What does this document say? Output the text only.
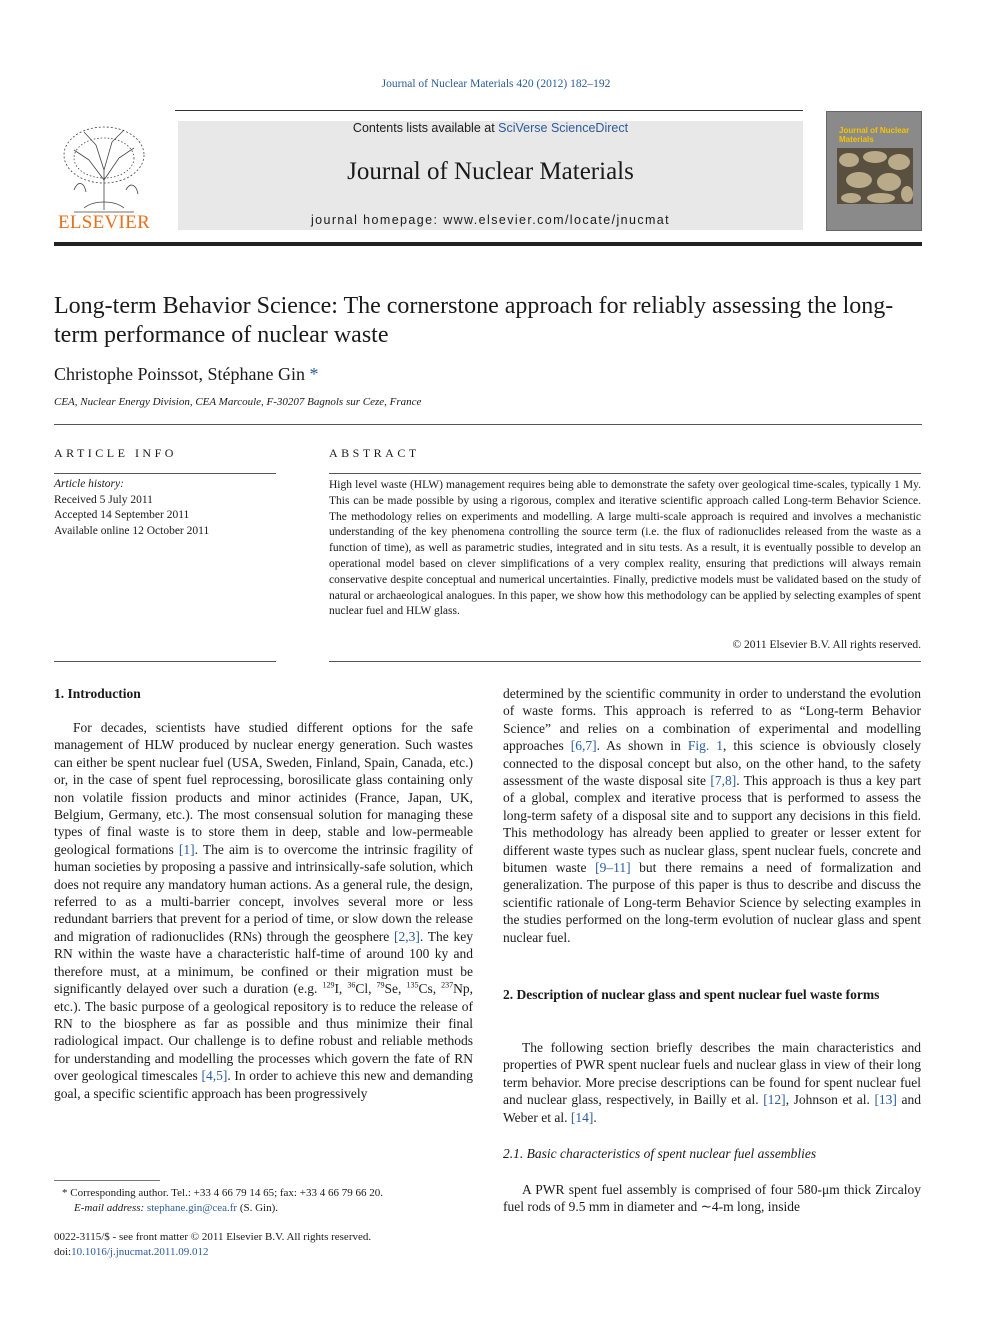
Journal of Nuclear Materials 420 (2012) 182–192
ELSEVIER
Contents lists available at SciVerse ScienceDirect
Journal of Nuclear Materials
journal homepage: www.elsevier.com/locate/jnucmat
Journal of Nuclear Materials
Long-term Behavior Science: The cornerstone approach for reliably assessing the long-term performance of nuclear waste
Christophe Poinssot, Stéphane Gin *
CEA, Nuclear Energy Division, CEA Marcoule, F-30207 Bagnols sur Ceze, France
ARTICLE INFO
Article history:
Received 5 July 2011
Accepted 14 September 2011
Available online 12 October 2011
ABSTRACT
High level waste (HLW) management requires being able to demonstrate the safety over geological time-scales, typically 1 My. This can be made possible by using a rigorous, complex and iterative scientific approach called Long-term Behavior Science. The methodology relies on experiments and modelling. A large multi-scale approach is required and involves a mechanistic understanding of the key phenomena controlling the source term (i.e. the flux of radionuclides released from the waste as a function of time), as well as parametric studies, integrated and in situ tests. As a result, it is eventually possible to develop an operational model based on clever simplifications of a very complex reality, ensuring that predictions will always remain conservative despite conceptual and numerical uncertainties. Finally, predictive models must be validated based on the study of natural or archaeological analogues. In this paper, we show how this methodology can be applied by selecting examples of spent nuclear fuel and HLW glass.
© 2011 Elsevier B.V. All rights reserved.
1. Introduction

For decades, scientists have studied different options for the safe management of HLW produced by nuclear energy generation. Such wastes can either be spent nuclear fuel (USA, Sweden, Finland, Spain, Canada, etc.) or, in the case of spent fuel reprocessing, borosilicate glass containing only non volatile fission products and minor actinides (France, Japan, UK, Belgium, Germany, etc.). The most consensual solution for managing these types of final waste is to store them in deep, stable and low-permeable geological formations [1]. The aim is to overcome the intrinsic fragility of human societies by proposing a passive and intrinsically-safe solution, which does not require any mandatory human actions. As a general rule, the design, referred to as a multi-barrier concept, involves several more or less redundant barriers that prevent for a period of time, or slow down the release and migration of radionuclides (RNs) through the geosphere [2,3]. The key RN within the waste have a characteristic half-time of around 100 ky and therefore must, at a minimum, be confined or their migration must be significantly delayed over such a duration (e.g. $^{129}$I, $^{36}$Cl, $^{79}$Se, $^{135}$Cs, $^{237}$Np, etc.). The basic purpose of a geological repository is to reduce the release of RN to the biosphere as far as possible and thus minimize their final radiological impact. Our challenge is to define robust and reliable methods for understanding and modelling the processes which govern the fate of RN over geological timescales [4,5]. In order to achieve this new and demanding goal, a specific scientific approach has been progressively

determined by the scientific community in order to understand the evolution of waste forms. This approach is referred to as “Long-term Behavior Science” and relies on a combination of experimental and modelling approaches [6,7]. As shown in Fig. 1, this science is obviously closely connected to the disposal concept but also, on the other hand, to the safety assessment of the waste disposal site [7,8]. This approach is thus a key part of a global, complex and iterative process that is performed to assess the long-term safety of a disposal site and to support any decisions in this field. This methodology has already been applied to greater or lesser extent for different waste types such as nuclear glass, spent nuclear fuels, concrete and bitumen waste [9–11] but there remains a need of formalization and generalization. The purpose of this paper is thus to describe and discuss the scientific rationale of Long-term Behavior Science by selecting examples in the studies performed on the long-term evolution of nuclear glass and spent nuclear fuel.

2. Description of nuclear glass and spent nuclear fuel waste forms

The following section briefly describes the main characteristics and properties of PWR spent nuclear fuels and nuclear glass in view of their long term behavior. More precise descriptions can be found for spent nuclear fuel and nuclear glass, respectively, in Bailly et al. [12], Johnson et al. [13] and Weber et al. [14].

2.1. Basic characteristics of spent nuclear fuel assemblies

A PWR spent fuel assembly is comprised of four 580-μm thick Zircaloy fuel rods of 9.5 mm in diameter and ∼4-m long, inside

* Corresponding author. Tel.: +33 4 66 79 14 65; fax: +33 4 66 79 66 20.
E-mail address: stephane.gin@cea.fr (S. Gin).
0022-3115/$ - see front matter © 2011 Elsevier B.V. All rights reserved.
doi:10.1016/j.jnucmat.2011.09.012
